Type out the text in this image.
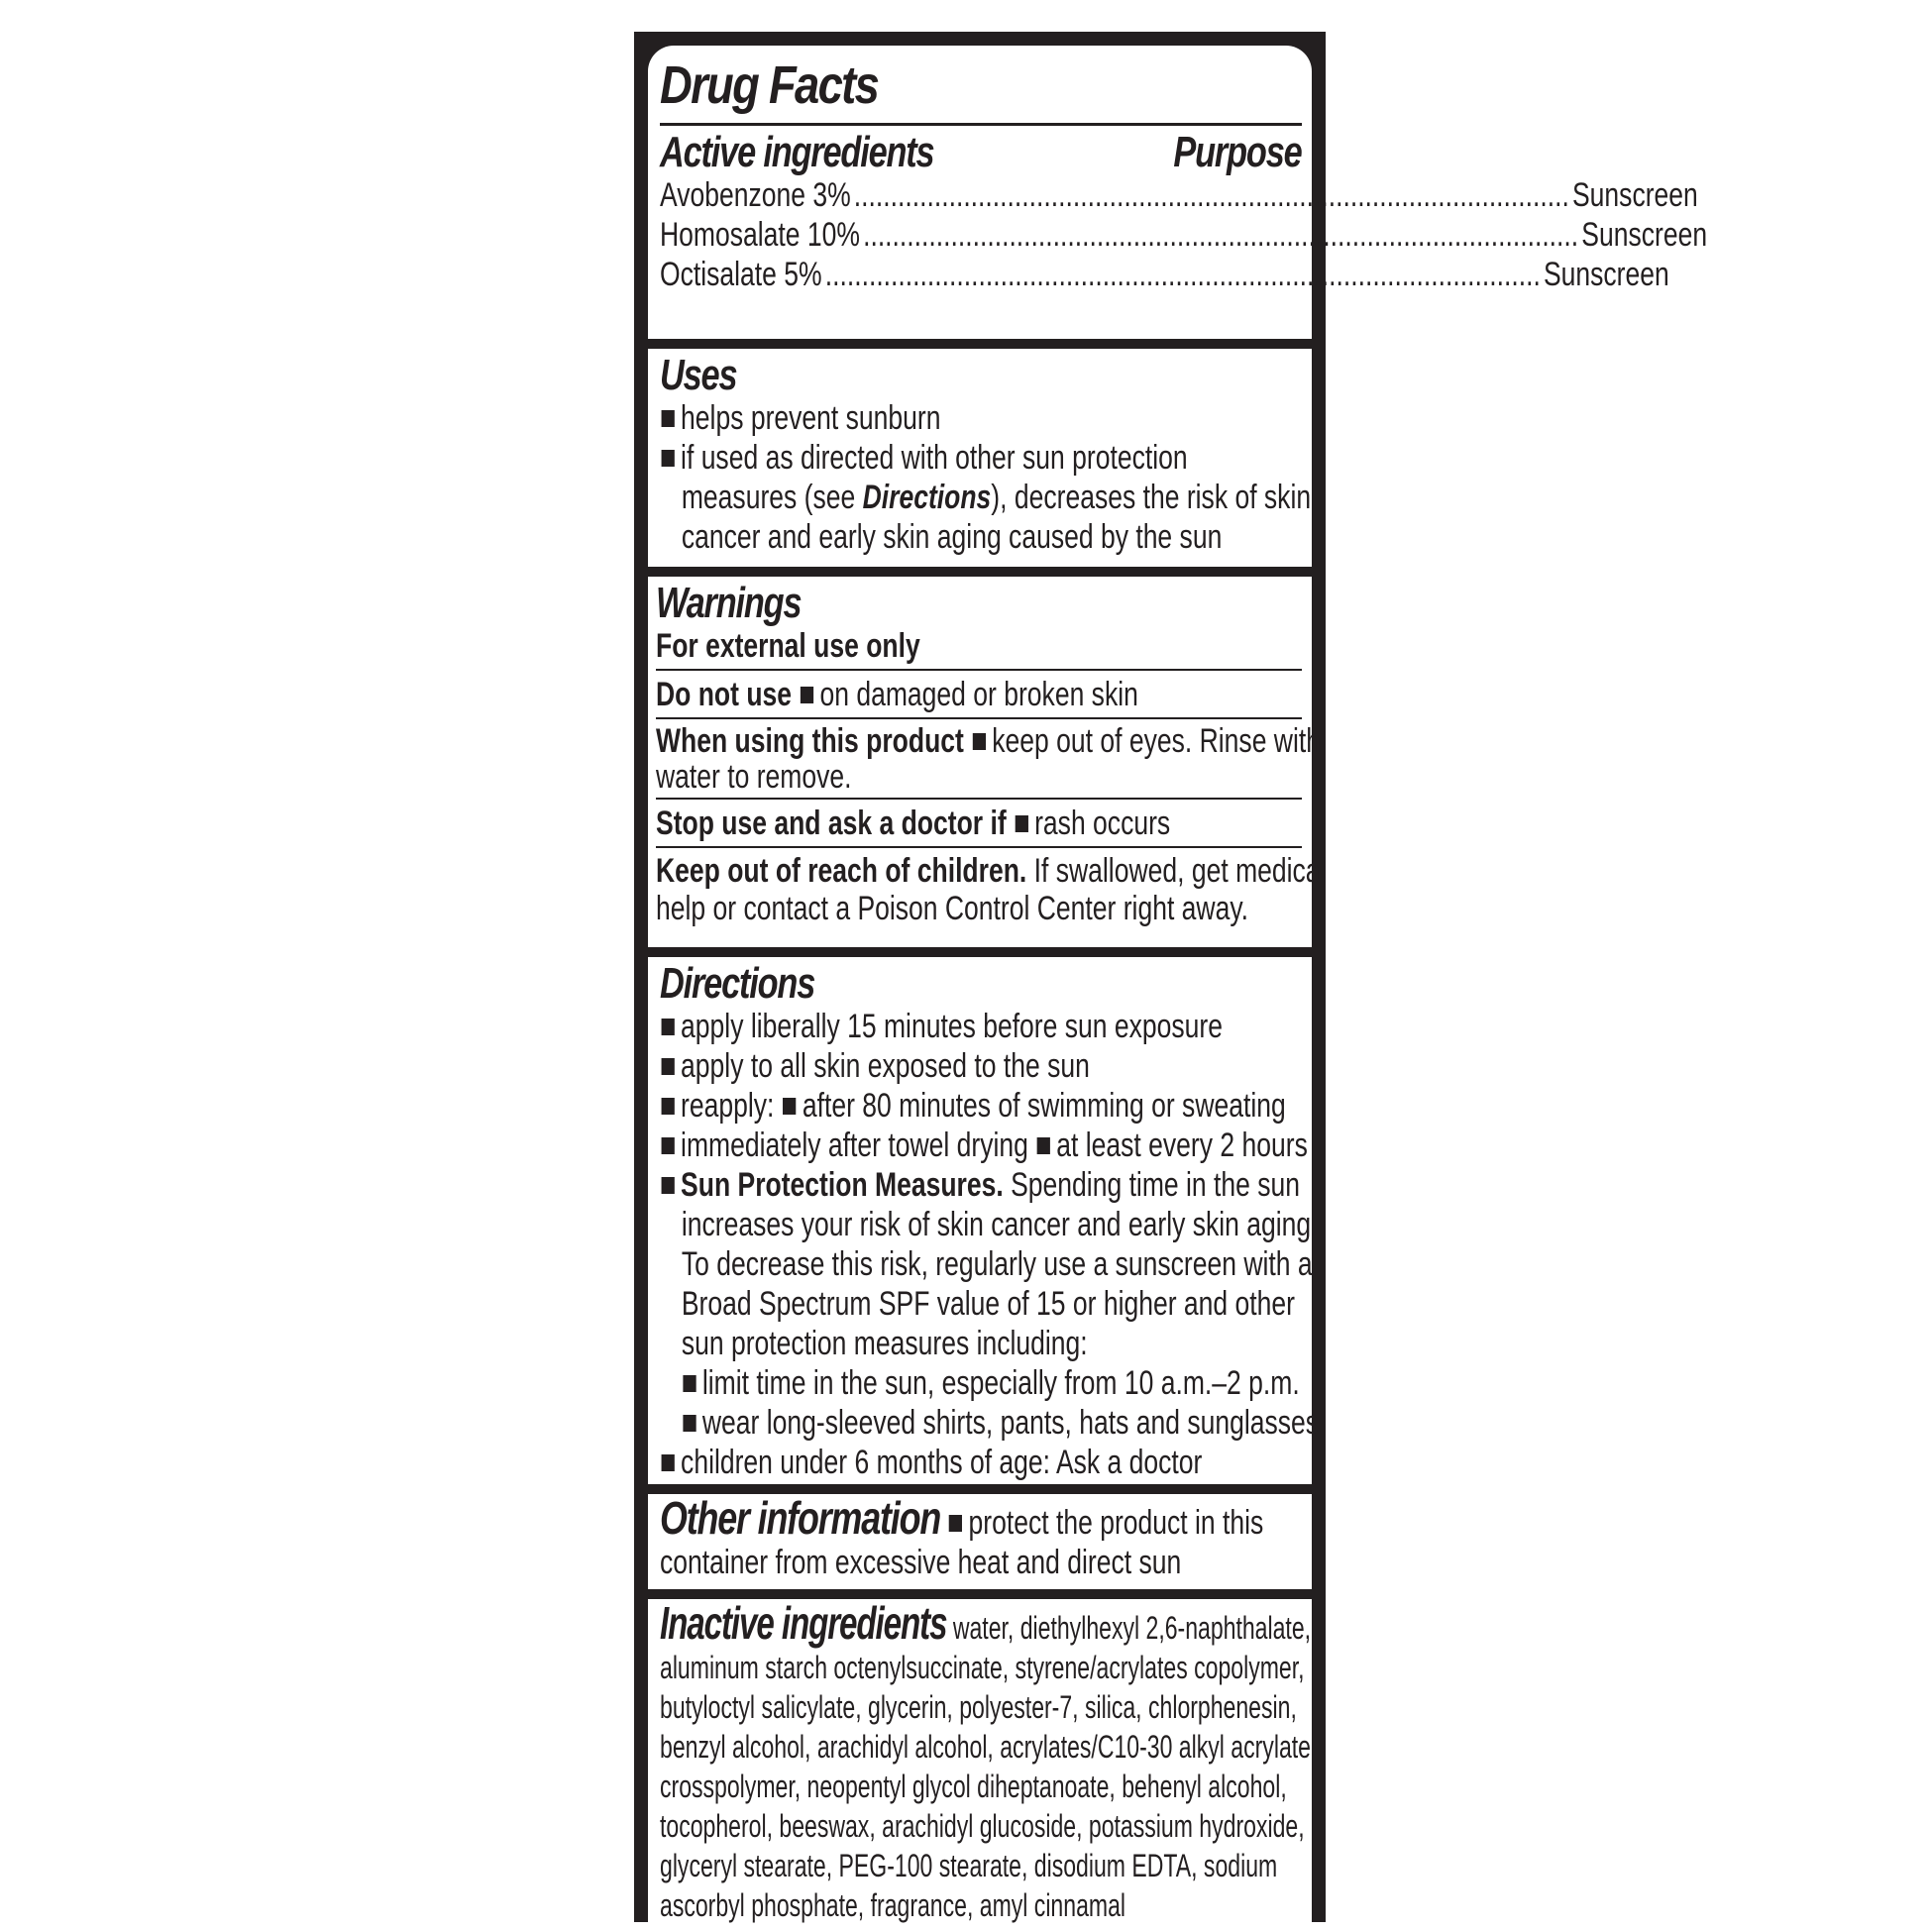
Drug Facts
Active ingredients	Purpose
Avobenzone 3% .................................................................................................. Sunscreen
Homosalate 10% .................................................................................................. Sunscreen
Octisalate 5% .................................................................................................. Sunscreen
Uses
helps prevent sunburn
if used as directed with other sun protection
measures (see Directions), decreases the risk of skin
cancer and early skin aging caused by the sun
Warnings
For external use only
Do not use on damaged or broken skin
When using this product keep out of eyes. Rinse with
water to remove.
Stop use and ask a doctor if rash occurs
Keep out of reach of children. If swallowed, get medical
help or contact a Poison Control Center right away.
Directions
apply liberally 15 minutes before sun exposure
apply to all skin exposed to the sun
reapply: after 80 minutes of swimming or sweating
immediately after towel drying at least every 2 hours
Sun Protection Measures. Spending time in the sun
increases your risk of skin cancer and early skin aging.
To decrease this risk, regularly use a sunscreen with a
Broad Spectrum SPF value of 15 or higher and other
sun protection measures including:
limit time in the sun, especially from 10 a.m.–2 p.m.
wear long-sleeved shirts, pants, hats and sunglasses
children under 6 months of age: Ask a doctor
Other information protect the product in this
container from excessive heat and direct sun
Inactive ingredients water, diethylhexyl 2,6-naphthalate,
aluminum starch octenylsuccinate, styrene/acrylates copolymer,
butyloctyl salicylate, glycerin, polyester-7, silica, chlorphenesin,
benzyl alcohol, arachidyl alcohol, acrylates/C10-30 alkyl acrylate
crosspolymer, neopentyl glycol diheptanoate, behenyl alcohol,
tocopherol, beeswax, arachidyl glucoside, potassium hydroxide,
glyceryl stearate, PEG-100 stearate, disodium EDTA, sodium
ascorbyl phosphate, fragrance, amyl cinnamal
